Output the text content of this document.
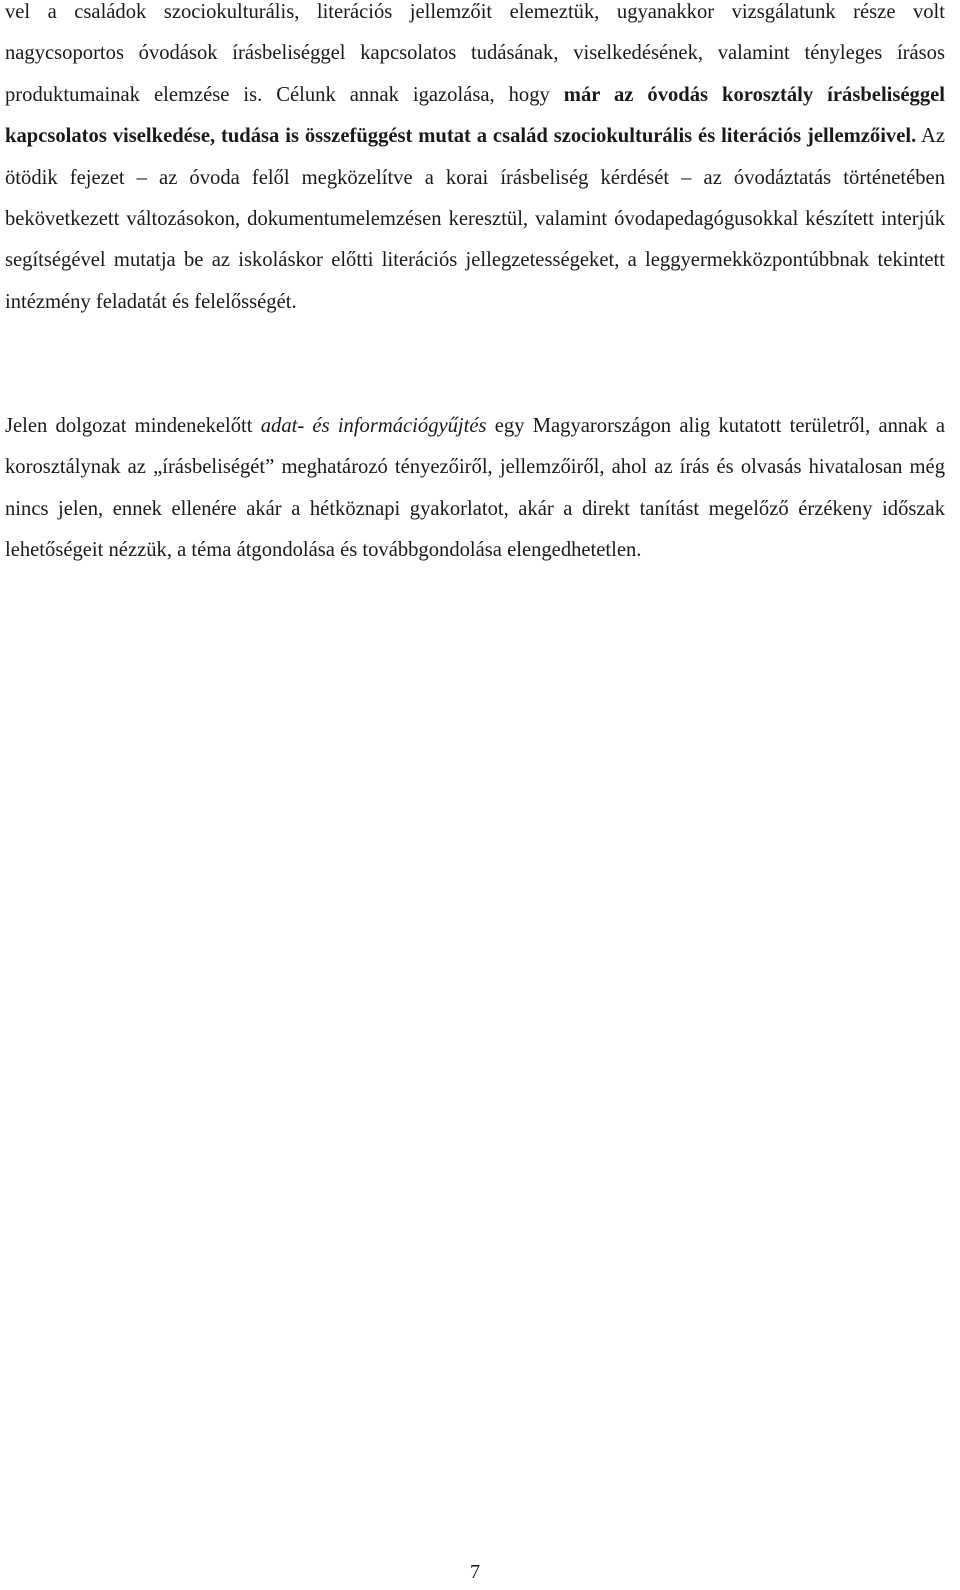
vel a családok szociokulturális, literációs jellemzőit elemeztük, ugyanakkor vizsgálatunk része volt nagycsoportos óvodások írásbeliséggel kapcsolatos tudásának, viselkedésének, valamint tényleges írásos produktumainak elemzése is. Célunk annak igazolása, hogy már az óvodás korosztály írásbeliséggel kapcsolatos viselkedése, tudása is összefüggést mutat a család szociokulturális és literációs jellemzőivel. Az ötödik fejezet – az óvoda felől megközelítve a korai írásbeliség kérdését – az óvodáztatás történetében bekövetkezett változásokon, dokumentumelemzésen keresztül, valamint óvodapedagógusokkal készített interjúk segítségével mutatja be az iskoláskor előtti literációs jellegzetességeket, a leggyermekközpontúbbnak tekintett intézmény feladatát és felelősségét.

Jelen dolgozat mindenekelőtt adat- és információgyűjtés egy Magyarországon alig kutatott területről, annak a korosztálynak az „írásbeliségét” meghatározó tényezőiről, jellemzőiről, ahol az írás és olvasás hivatalosan még nincs jelen, ennek ellenére akár a hétköznapi gyakorlatot, akár a direkt tanítást megelőző érzékeny időszak lehetőségeit nézzük, a téma átgondolása és továbbgondolása elengedhetetlen.

7
